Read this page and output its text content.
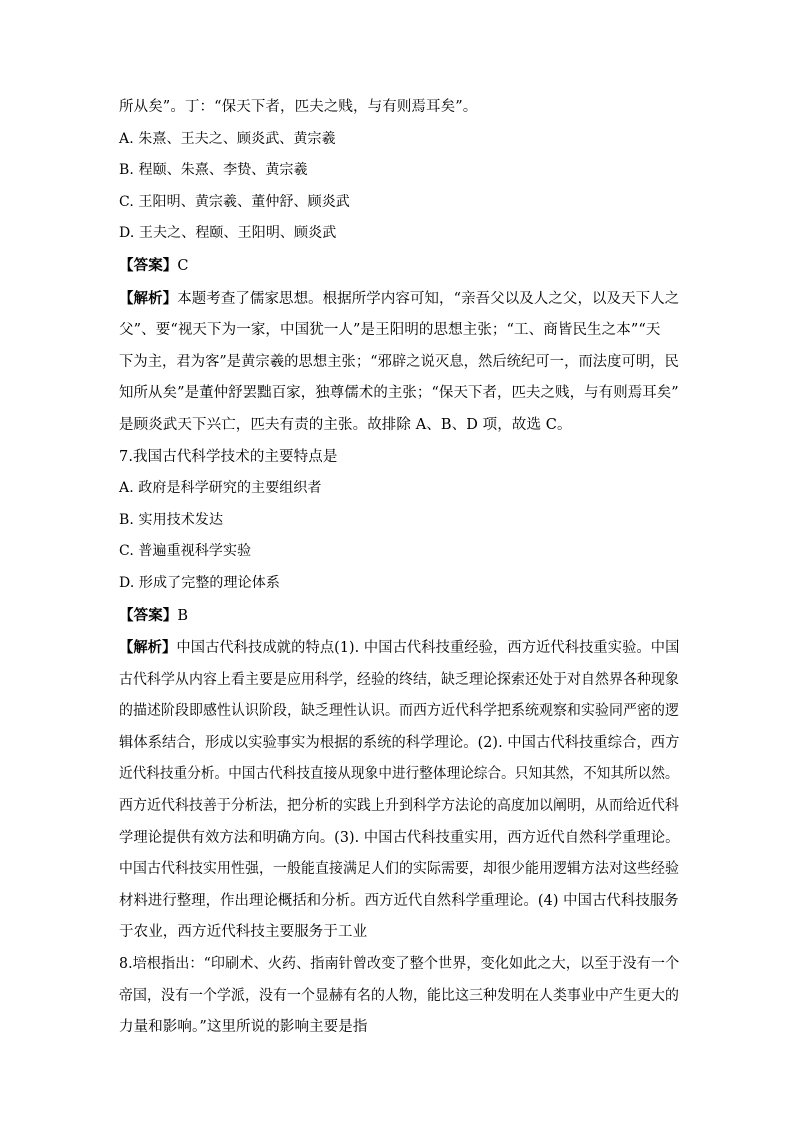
所从矣”。丁：“保天下者，匹夫之贱，与有则焉耳矣”。
A. 朱熹、王夫之、顾炎武、黄宗羲
B. 程颐、朱熹、李贽、黄宗羲
C. 王阳明、黄宗羲、董仲舒、顾炎武
D. 王夫之、程颐、王阳明、顾炎武
【答案】C
【解析】本题考查了儒家思想。根据所学内容可知，“亲吾父以及人之父，以及天下人之
父”、要“视天下为一家，中国犹一人”是王阳明的思想主张；“工、商皆民生之本”“天
下为主，君为客”是黄宗羲的思想主张；“邪辟之说灭息，然后统纪可一，而法度可明，民
知所从矣”是董仲舒罢黜百家，独尊儒术的主张；“保天下者，匹夫之贱，与有则焉耳矣”
是顾炎武天下兴亡，匹夫有责的主张。故排除 A、B、D 项，故选 C。
7.我国古代科学技术的主要特点是
A. 政府是科学研究的主要组织者
B. 实用技术发达
C. 普遍重视科学实验
D. 形成了完整的理论体系
【答案】B
【解析】中国古代科技成就的特点(1). 中国古代科技重经验，西方近代科技重实验。中国
古代科学从内容上看主要是应用科学，经验的终结，缺乏理论探索还处于对自然界各种现象
的描述阶段即感性认识阶段，缺乏理性认识。而西方近代科学把系统观察和实验同严密的逻
辑体系结合，形成以实验事实为根据的系统的科学理论。(2). 中国古代科技重综合，西方
近代科技重分析。中国古代科技直接从现象中进行整体理论综合。只知其然，不知其所以然。
西方近代科技善于分析法，把分析的实践上升到科学方法论的高度加以阐明，从而给近代科
学理论提供有效方法和明确方向。(3). 中国古代科技重实用，西方近代自然科学重理论。
中国古代科技实用性强，一般能直接满足人们的实际需要，却很少能用逻辑方法对这些经验
材料进行整理，作出理论概括和分析。西方近代自然科学重理论。(4) 中国古代科技服务
于农业，西方近代科技主要服务于工业
8.培根指出：“印刷术、火药、指南针曾改变了整个世界，变化如此之大，以至于没有一个
帝国，没有一个学派，没有一个显赫有名的人物，能比这三种发明在人类事业中产生更大的
力量和影响。”这里所说的影响主要是指
